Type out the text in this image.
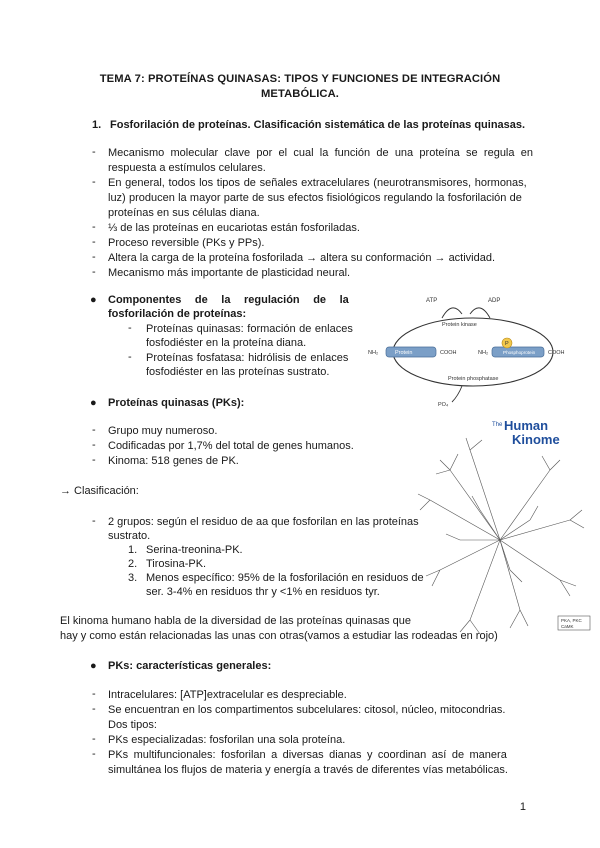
TEMA 7: PROTEÍNAS QUINASAS: TIPOS Y FUNCIONES DE INTEGRACIÓN
METABÓLICA.
1. Fosforilación de proteínas. Clasificación sistemática de las proteínas quinasas.
- Mecanismo molecular clave por el cual la función de una proteína se regula en
respuesta a estímulos celulares.
- En general, todos los tipos de señales extracelulares (neurotransmisores, hormonas,
luz) producen la mayor parte de sus efectos fisiológicos regulando la fosforilación de
proteínas en sus células diana.
- ⅓ de las proteínas en eucariotas están fosforiladas.
- Proceso reversible (PKs y PPs).
- Altera la carga de la proteína fosforilada → altera su conformación → actividad.
- Mecanismo más importante de plasticidad neural.
● Componentes de la regulación de la
fosforilación de proteínas:
- Proteínas quinasas: formación de enlaces
fosfodiéster en la proteína diana.
- Proteínas fosfatasa: hidrólisis de enlaces
fosfodiéster en las proteínas sustrato.
ATP	ADP
Protein kinase
NH₂	Protein	COOH
P
NH₂	Phosphoprotein COOH
Protein phosphatase
PO₄
● Proteínas quinasas (PKs):
- Grupo muy numeroso.
- Codificadas por 1,7% del total de genes humanos.
- Kinoma: 518 genes de PK.
→ Clasificación:
- 2 grupos: según el residuo de aa que fosforilan en las proteínas
sustrato.
1. Serina-treonina-PK.
2. Tirosina-PK.
3. Menos específico: 95% de la fosforilación en residuos de
ser. 3-4% en residuos thr y <1% en residuos tyr.
The Human
Kinome
PKA, PKC
CaMK
El kinoma humano habla de la diversidad de las proteínas quinasas que
hay y como están relacionadas las unas con otras(vamos a estudiar las rodeadas en rojo)
● PKs: características generales:
- Intracelulares: [ATP]extracelular es despreciable.
- Se encuentran en los compartimentos subcelulares: citosol, núcleo, mitocondrias.
Dos tipos:
- PKs especializadas: fosforilan una sola proteína.
- PKs multifuncionales: fosforilan a diversas dianas y coordinan así de manera
simultánea los flujos de materia y energía a través de diferentes vías metabólicas.
1
